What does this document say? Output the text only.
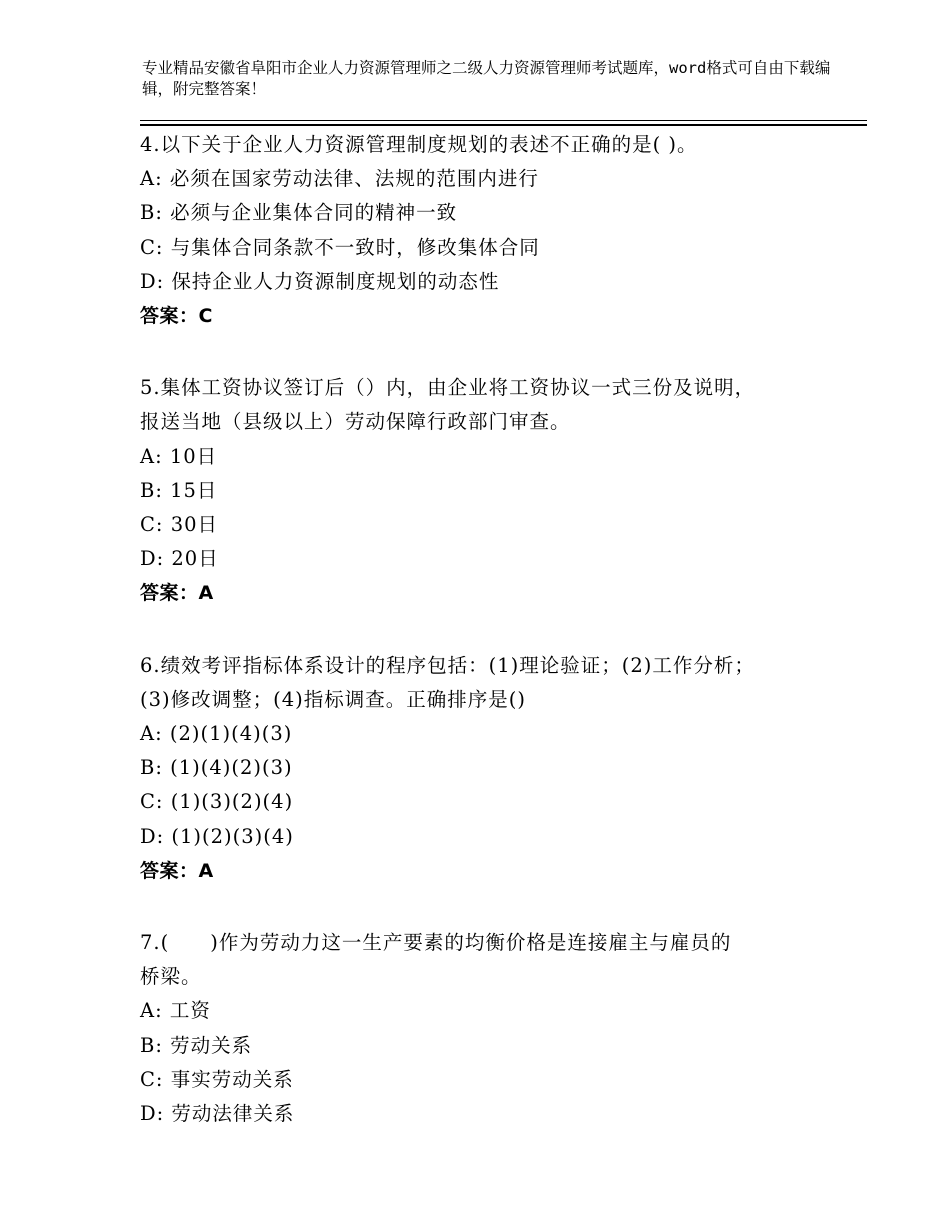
专业精品安徽省阜阳市企业人力资源管理师之二级人力资源管理师考试题库，word格式可自由下载编辑，附完整答案！
4.以下关于企业人力资源管理制度规划的表述不正确的是( )。
A: 必须在国家劳动法律、法规的范围内进行
B: 必须与企业集体合同的精神一致
C: 与集体合同条款不一致时，修改集体合同
D: 保持企业人力资源制度规划的动态性
答案：C
5.集体工资协议签订后（）内，由企业将工资协议一式三份及说明，
报送当地（县级以上）劳动保障行政部门审查。
A: 10日
B: 15日
C: 30日
D: 20日
答案：A
6.绩效考评指标体系设计的程序包括：(1)理论验证；(2)工作分析；
(3)修改调整；(4)指标调查。正确排序是()
A: (2)(1)(4)(3)
B: (1)(4)(2)(3)
C: (1)(3)(2)(4)
D: (1)(2)(3)(4)
答案：A
7.(　　)作为劳动力这一生产要素的均衡价格是连接雇主与雇员的
桥梁。
A: 工资
B: 劳动关系
C: 事实劳动关系
D: 劳动法律关系
